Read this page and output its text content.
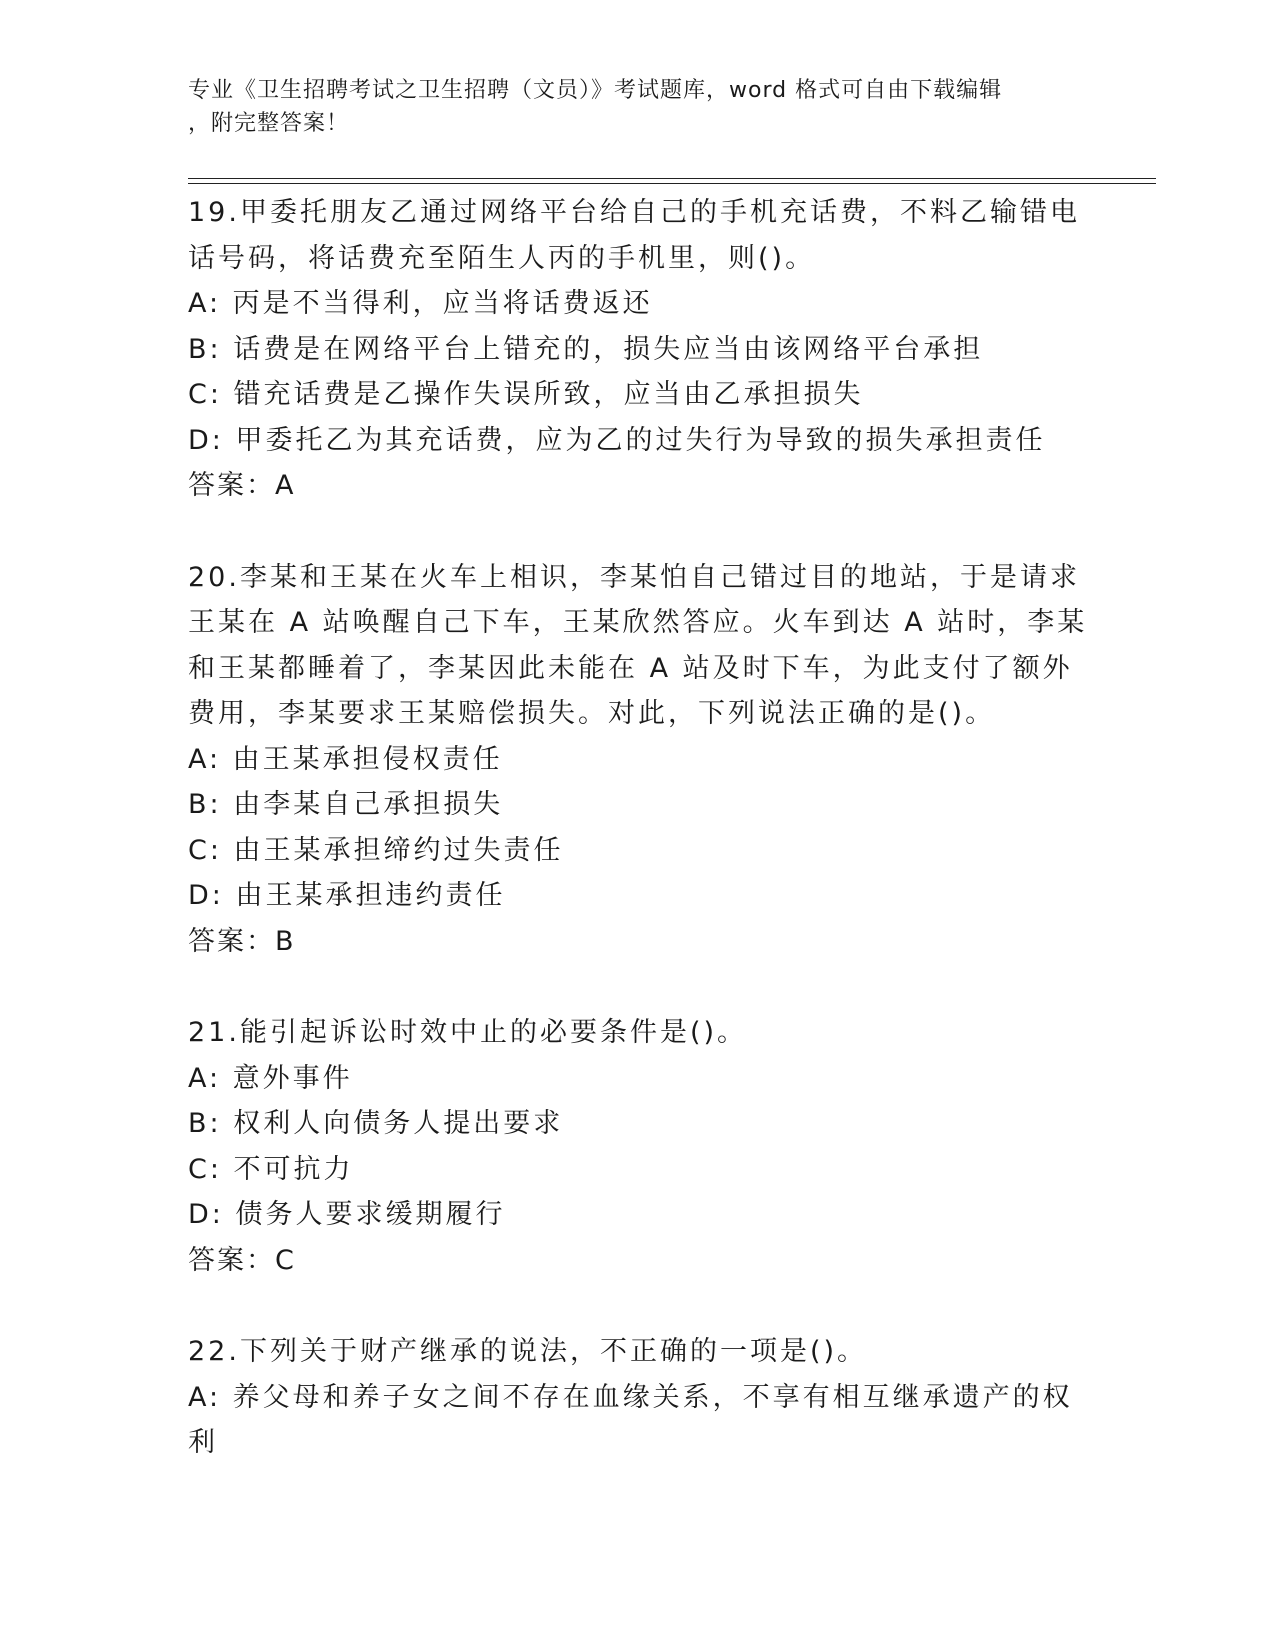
专业《卫生招聘考试之卫生招聘（文员）》考试题库，word 格式可自由下载编辑
，附完整答案！
19.甲委托朋友乙通过网络平台给自己的手机充话费，不料乙输错电话号码，将话费充至陌生人丙的手机里，则()。
A: 丙是不当得利，应当将话费返还
B: 话费是在网络平台上错充的，损失应当由该网络平台承担
C: 错充话费是乙操作失误所致，应当由乙承担损失
D: 甲委托乙为其充话费，应为乙的过失行为导致的损失承担责任
答案：A
20.李某和王某在火车上相识，李某怕自己错过目的地站，于是请求王某在 A 站唤醒自己下车，王某欣然答应。火车到达 A 站时，李某和王某都睡着了，李某因此未能在 A 站及时下车，为此支付了额外费用，李某要求王某赔偿损失。对此，下列说法正确的是()。
A: 由王某承担侵权责任
B: 由李某自己承担损失
C: 由王某承担缔约过失责任
D: 由王某承担违约责任
答案：B
21.能引起诉讼时效中止的必要条件是()。
A: 意外事件
B: 权利人向债务人提出要求
C: 不可抗力
D: 债务人要求缓期履行
答案：C
22.下列关于财产继承的说法，不正确的一项是()。
A: 养父母和养子女之间不存在血缘关系，不享有相互继承遗产的权利
